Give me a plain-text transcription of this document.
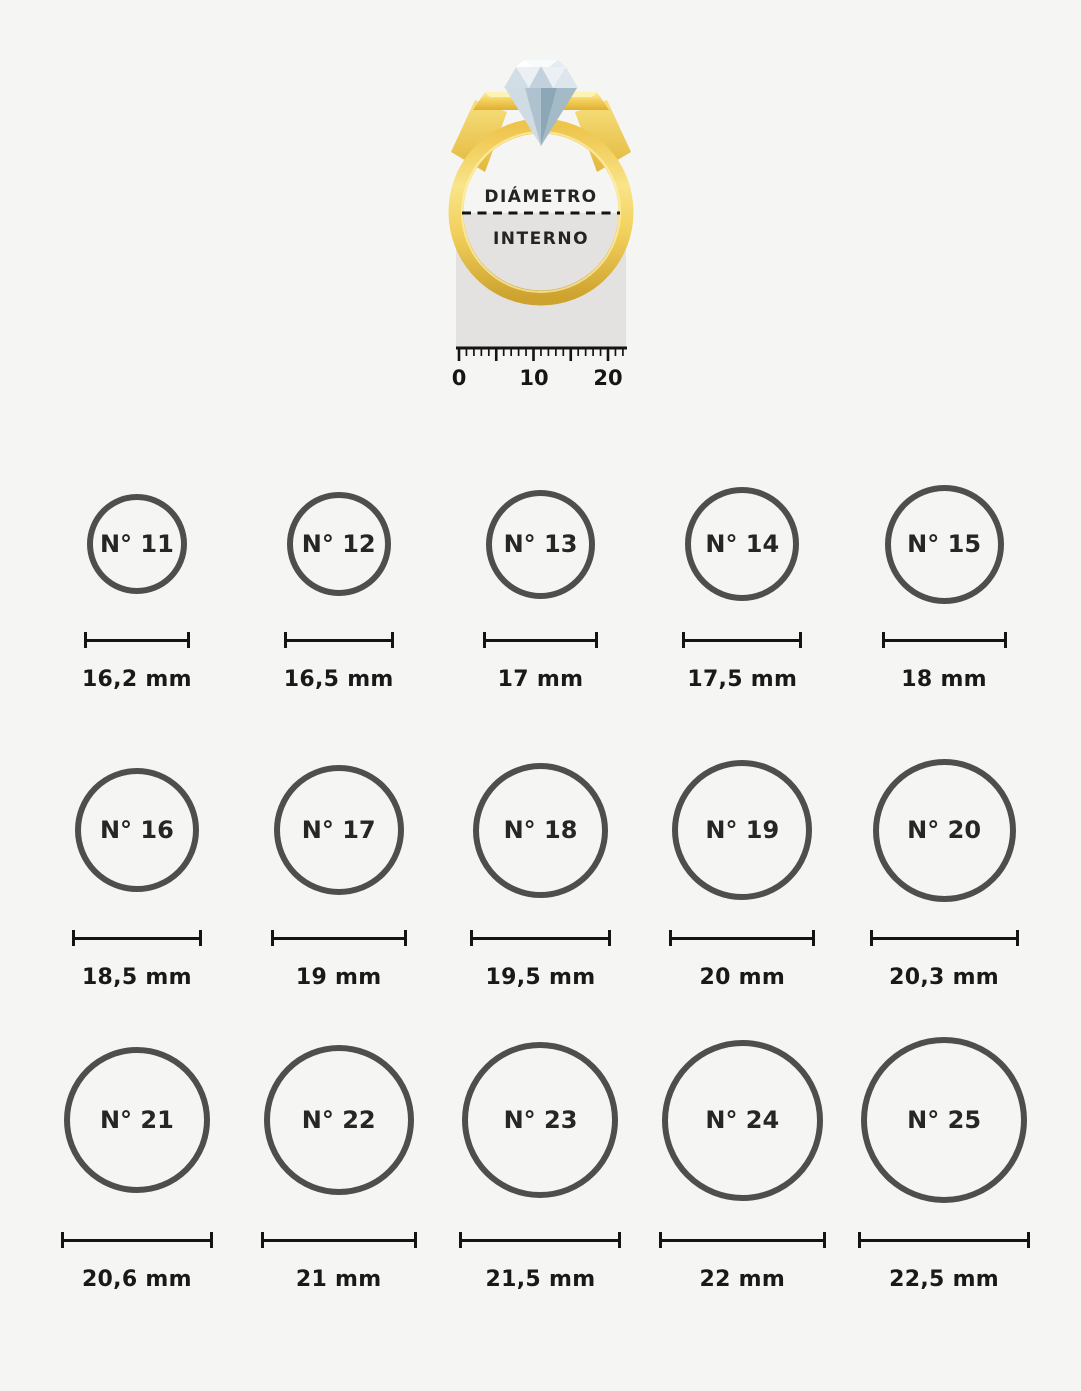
DIÁMETRO
INTERNO
0	10 20
N° 11
16,2 mm
N° 12
16,5 mm
N° 13
17 mm
N° 14
17,5 mm
N° 15
18 mm
N° 16
18,5 mm
N° 17
19 mm
N° 18
19,5 mm
N° 19
20 mm
N° 20
20,3 mm
N° 21
20,6 mm
N° 22
21 mm
N° 23
21,5 mm
N° 24
22 mm
N° 25
22,5 mm
